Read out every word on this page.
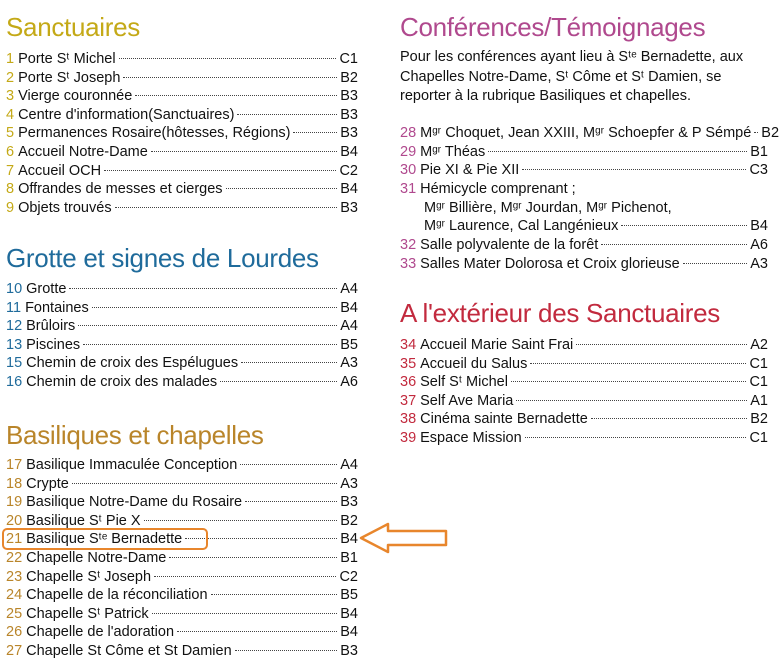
Sanctuaires
1 Porte Sᵗ Michel	C1
2 Porte Sᵗ Joseph	B2
3 Vierge couronnée	B3
4 Centre d'information(Sanctuaires)	B3
5 Permanences Rosaire(hôtesses, Régions)	B3
6 Accueil Notre-Dame	B4
7 Accueil OCH	C2
8 Offrandes de messes et cierges	B4
9 Objets trouvés	B3
Grotte et signes de Lourdes
10 Grotte	A4
11 Fontaines	B4
12 Brûloirs	A4
13 Piscines	B5
15 Chemin de croix des Espélugues	A3
16 Chemin de croix des malades	A6
Basiliques et chapelles
17 Basilique Immaculée Conception	A4
18 Crypte	A3
19 Basilique Notre-Dame du Rosaire	B3
20 Basilique Sᵗ Pie X	B2
21 Basilique Sᵗᵉ Bernadette	B4
22 Chapelle Notre-Dame	B1
23 Chapelle Sᵗ Joseph	C2
24 Chapelle de la réconciliation	B5
25 Chapelle Sᵗ Patrick	B4
26 Chapelle de l'adoration	B4
27 Chapelle St Côme et St Damien	B3
Conférences/Témoignages
Pour les conférences ayant lieu à Sᵗᵉ Bernadette, aux Chapelles Notre-Dame, Sᵗ Côme et Sᵗ Damien, se reporter à la rubrique Basiliques et chapelles.
28 Mᵍʳ Choquet, Jean XXIII, Mᵍʳ Schoepfer & P Sémpé B2
29 Mᵍʳ Théas	B1
30 Pie XI & Pie XII	C3
31 Hémicycle comprenant ;
Mᵍʳ Billière, Mᵍʳ Jourdan, Mᵍʳ Pichenot,
Mᵍʳ Laurence, Cal Langénieux	B4
32 Salle polyvalente de la forêt	A6
33 Salles Mater Dolorosa et Croix glorieuse	A3
A l'extérieur des Sanctuaires
34 Accueil Marie Saint Frai	A2
35 Accueil du Salus	C1
36 Self Sᵗ Michel	C1
37 Self Ave Maria	A1
38 Cinéma sainte Bernadette	B2
39 Espace Mission	C1
